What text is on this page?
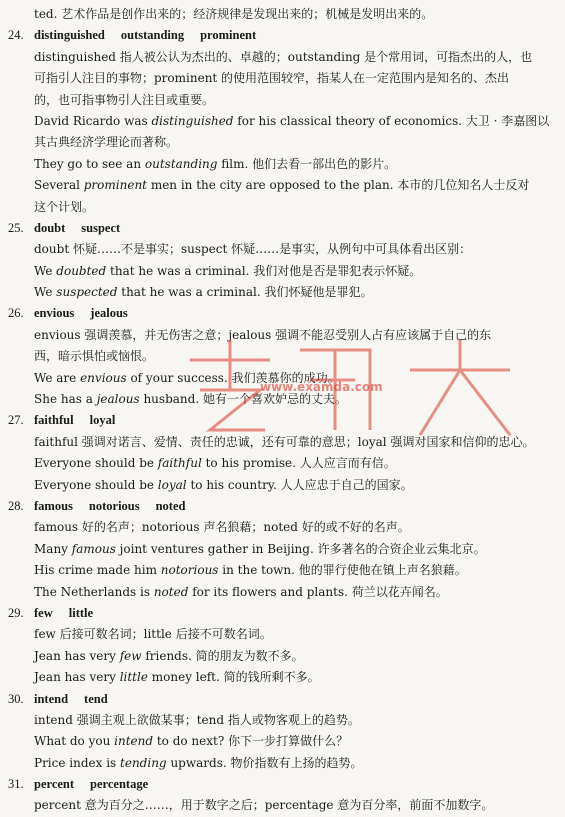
ted. 艺术作品是创作出来的；经济规律是发现出来的；机械是发明出来的。
24. distinguished outstanding prominent
distinguished 指人被公认为杰出的、卓越的；outstanding 是个常用词，可指杰出的人，也
可指引人注目的事物；prominent 的使用范围较窄，指某人在一定范围内是知名的、杰出
的，也可指事物引人注目或重要。
David Ricardo was distinguished for his classical theory of economics. 大卫 · 李嘉图以
其古典经济学理论而著称。
They go to see an outstanding film. 他们去看一部出色的影片。
Several prominent men in the city are opposed to the plan. 本市的几位知名人士反对
这个计划。
25. doubt suspect
doubt 怀疑……不是事实；suspect 怀疑……是事实，从例句中可具体看出区别：
We doubted that he was a criminal. 我们对他是否是罪犯表示怀疑。
We suspected that he was a criminal. 我们怀疑他是罪犯。
26. envious jealous
envious 强调羡慕，并无伤害之意；jealous 强调不能忍受别人占有应该属于自己的东
西，暗示惧怕或恼恨。
We are envious of your success. 我们羡慕你的成功。
She has a jealous husband. 她有一个喜欢妒忌的丈夫。
27. faithful loyal
faithful 强调对诺言、爱情、责任的忠诚，还有可靠的意思；loyal 强调对国家和信仰的忠心。
Everyone should be faithful to his promise. 人人应言而有信。
Everyone should be loyal to his country. 人人应忠于自己的国家。
28. famous notorious noted
famous 好的名声；notorious 声名狼藉；noted 好的或不好的名声。
Many famous joint ventures gather in Beijing. 许多著名的合资企业云集北京。
His crime made him notorious in the town. 他的罪行使他在镇上声名狼藉。
The Netherlands is noted for its flowers and plants. 荷兰以花卉闻名。
29. few little
few 后接可数名词；little 后接不可数名词。
Jean has very few friends. 简的朋友为数不多。
Jean has very little money left. 简的钱所剩不多。
30. intend tend
intend 强调主观上欲做某事；tend 指人或物客观上的趋势。
What do you intend to do next? 你下一步打算做什么？
Price index is tending upwards. 物价指数有上扬的趋势。
31. percent percentage
percent 意为百分之……，用于数字之后；percentage 意为百分率，前面不加数字。
www.examda.com
